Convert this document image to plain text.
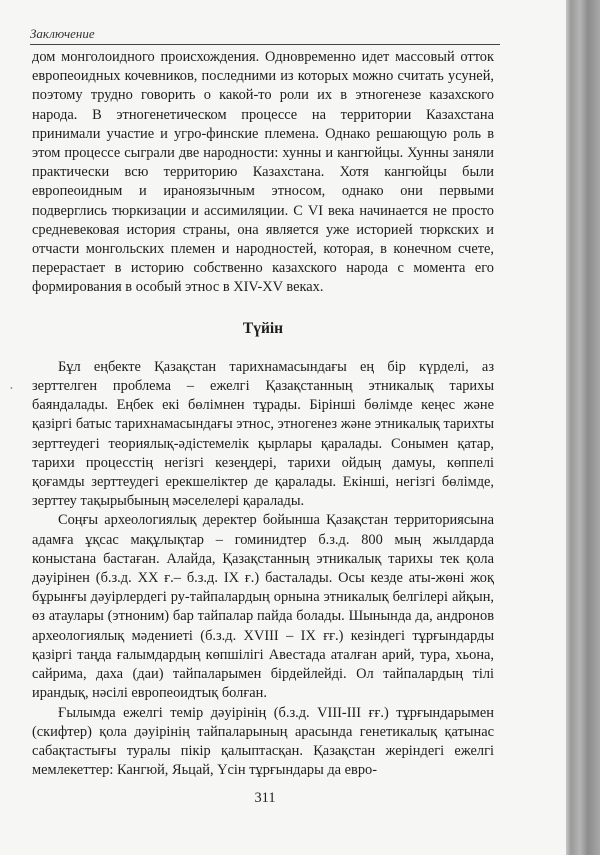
Заключение

дом монголоидного происхождения. Одновременно идет массовый отток европеоидных кочевников, последними из которых можно считать усуней, поэтому трудно говорить о какой-то роли их в этногенезе казахского народа. В этногенетическом процессе на территории Казахстана принимали участие и угро-финские племена. Однако решающую роль в этом процессе сыграли две народности: хунны и кангюйцы. Хунны заняли практически всю территорию Казахстана. Хотя кангюйцы были европеоидным и ираноязычным этносом, однако они первыми подверглись тюркизации и ассимиляции. С VI века начинается не просто средневековая история страны, она является уже историей тюркских и отчасти монгольских племен и народностей, которая, в конечном счете, перерастает в историю собственно казахского народа с момента его формирования в особый этнос в XIV-XV веках.

Түйін

Бұл еңбекте Қазақстан тарихнамасындағы ең бір күрделі, аз зерттелген проблема – ежелгі Қазақстанның этникалық тарихы баяндалады. Еңбек екі бөлімнен тұрады. Бірінші бөлімде кеңес және қазіргі батыс тарихнамасындағы этнос, этногенез және этникалық тарихты зерттеудегі теориялық-әдістемелік қырлары қаралады. Сонымен қатар, тарихи процесстің негізгі кезеңдері, тарихи ойдың дамуы, көппелі қоғамды зерттеудегі ерекшеліктер де қаралады. Екінші, негізгі бөлімде, зерттеу тақырыбының мәселелері қаралады.

Соңғы археологиялық деректер бойынша Қазақстан территориясына адамға ұқсас мақұлықтар – гоминидтер б.з.д. 800 мың жылдарда коныстана бастаған. Алайда, Қазақстанның этникалық тарихы тек қола дәуірінен (б.з.д. XX ғ.– б.з.д. IX ғ.) басталады. Осы кезде аты-жөні жоқ бұрынғы дәуірлердегі ру-тайпалардың орнына этникалық белгілері айқын, өз атаулары (этноним) бар тайпалар пайда болады. Шынында да, андронов археологиялық мәдениеті (б.з.д. XVIII – IX ғғ.) кезіндегі тұрғындарды қазіргі таңда ғалымдардың көпшілігі Авестада аталған арий, тура, хьона, сайрима, даха (даи) тайпаларымен бірдейлейді. Ол тайпалардың тілі ирандық, нәсілі европеоидтық болған.

Ғылымда ежелгі темір дәуірінің (б.з.д. VIII-III ғғ.) тұрғындарымен (скифтер) қола дәуірінің тайпаларының арасында генетикалық қатынас сабақтастығы туралы пікір қалыптасқан. Қазақстан жеріндегі ежелгі мемлекеттер: Кангюй, Яьцай, Үсін тұрғындары да евро-

311
•
